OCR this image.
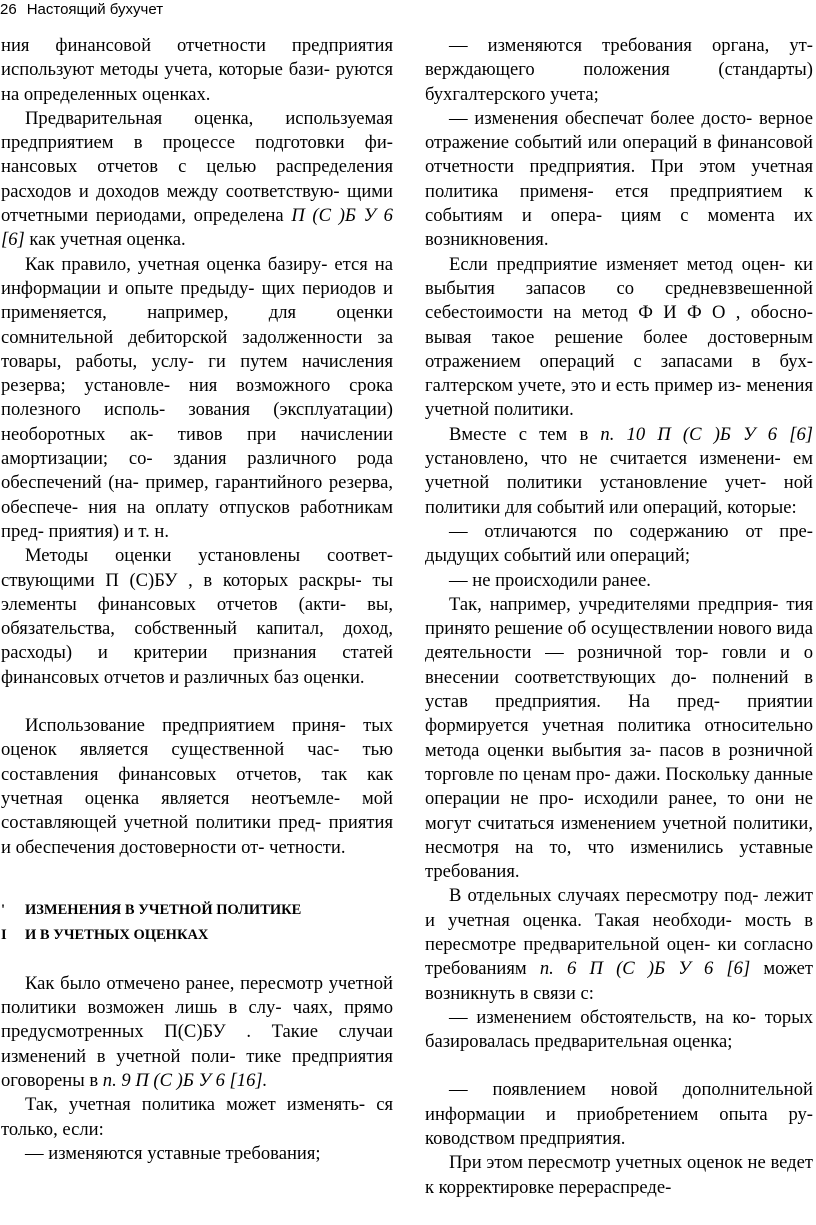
26 Настоящий бухучет

ния финансовой отчетности предприятия используют методы учета, которые бази- руются на определенных оценках.

Предварительная оценка, используемая предприятием в процессе подготовки фи- нансовых отчетов с целью распределения расходов и доходов между соответствую- щими отчетными периодами, определена П (С )Б У 6 [6] как учетная оценка.

Как правило, учетная оценка базиру- ется на информации и опыте предыду- щих периодов и применяется, например, для оценки сомнительной дебиторской задолженности за товары, работы, услу- ги путем начисления резерва; установле- ния возможного срока полезного исполь- зования (эксплуатации) необоротных ак- тивов при начислении амортизации; со- здания различного рода обеспечений (на- пример, гарантийного резерва, обеспече- ния на оплату отпусков работникам пред- приятия) и т. н.

Методы оценки установлены соответ- ствующими П (С)БУ , в которых раскры- ты элементы финансовых отчетов (акти- вы, обязательства, собственный капитал, доход, расходы) и критерии признания статей финансовых отчетов и различных баз оценки.

Использование предприятием приня- тых оценок является существенной час- тью составления финансовых отчетов, так как учетная оценка является неотъемле- мой составляющей учетной политики пред- приятия и обеспечения достоверности от- четности.

' ИЗМЕНЕНИЯ В УЧЕТНОЙ ПОЛИТИКЕ

I И В УЧЕТНЫХ ОЦЕНКАХ

Как было отмечено ранее, пересмотр учетной политики возможен лишь в слу- чаях, прямо предусмотренных П(С)БУ . Такие случаи изменений в учетной поли- тике предприятия оговорены в п. 9 П (С )Б У 6 [16].

Так, учетная политика может изменять- ся только, если:

— изменяются уставные требования;

— изменяются требования органа, ут- верждающего положения (стандарты) бухгалтерского учета;

— изменения обеспечат более досто- верное отражение событий или операций в финансовой отчетности предприятия. При этом учетная политика применя- ется предприятием к событиям и опера- циям с момента их возникновения.

Если предприятие изменяет метод оцен- ки выбытия запасов со средневзвешенной себестоимости на метод Ф И Ф О , обосно- вывая такое решение более достоверным отражением операций с запасами в бух- галтерском учете, это и есть пример из- менения учетной политики.

Вместе с тем в п. 10 П (С )Б У 6 [6] установлено, что не считается изменени- ем учетной политики установление учет- ной политики для событий или операций, которые:

— отличаются по содержанию от пре- дыдущих событий или операций;

— не происходили ранее.

Так, например, учредителями предприя- тия принято решение об осуществлении нового вида деятельности — розничной тор- говли и о внесении соответствующих до- полнений в устав предприятия. На пред- приятии формируется учетная политика относительно метода оценки выбытия за- пасов в розничной торговле по ценам про- дажи. Поскольку данные операции не про- исходили ранее, то они не могут считаться изменением учетной политики, несмотря на то, что изменились уставные требования.

В отдельных случаях пересмотру под- лежит и учетная оценка. Такая необходи- мость в пересмотре предварительной оцен- ки согласно требованиям п. 6 П (С )Б У 6 [6] может возникнуть в связи с:

— изменением обстоятельств, на ко- торых базировалась предварительная оценка;

— появлением новой дополнительной информации и приобретением опыта ру- ководством предприятия.

При этом пересмотр учетных оценок не ведет к корректировке перераспреде-
